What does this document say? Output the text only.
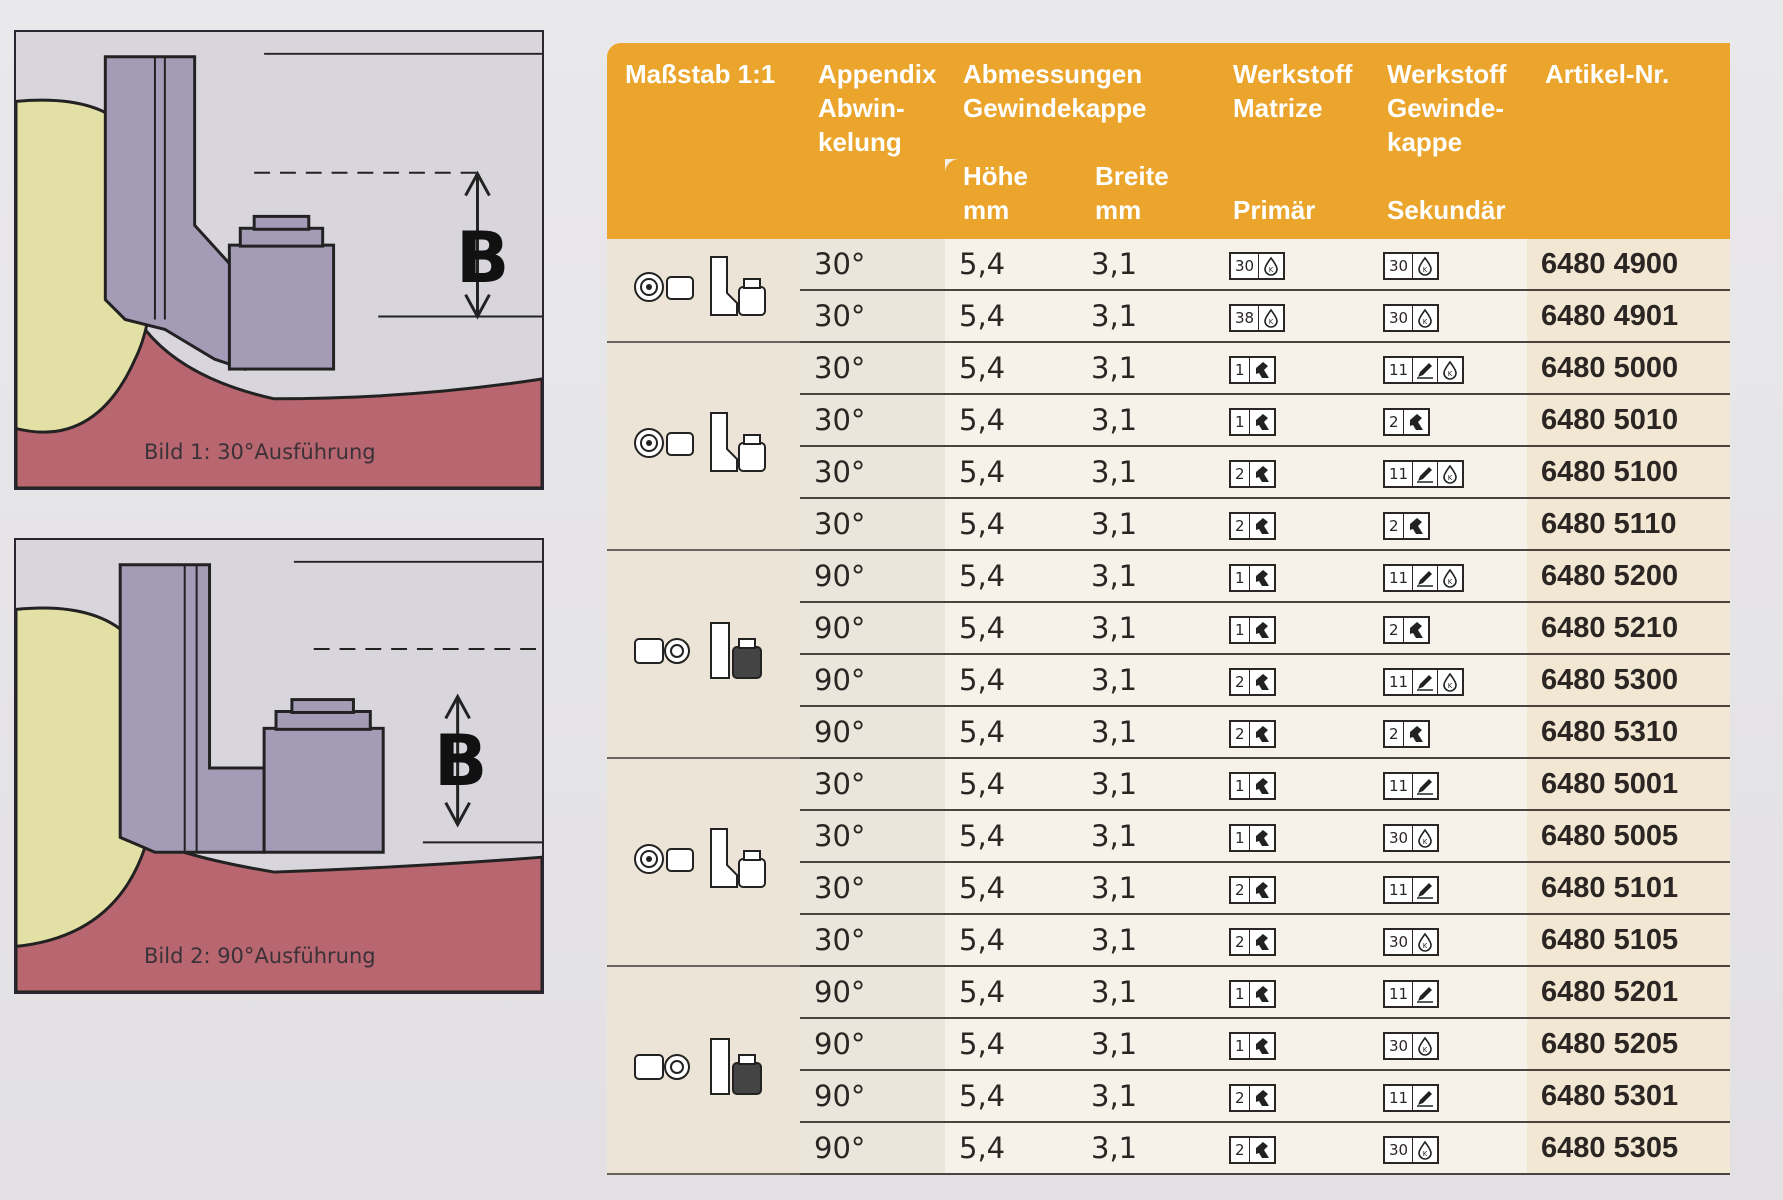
B
Bild 1: 30°Ausführung
B
Bild 2: 90°Ausführung
Maßstab 1:1	Appendix Abwin-kelung	Abmessungen Gewindekappe		Werkstoff Matrize	Werkstoff Gewinde-kappe	Artikel-Nr.
		Höhe mm	Breite mm	Primär	Sekundär	
	30°	5,4	3,1	30 K	30 K	6480 4900
	30°	5,4	3,1	38 K	30 K	6480 4901
	30°	5,4	3,1	1	11 K	6480 5000
	30°	5,4	3,1	1	2	6480 5010
	30°	5,4	3,1	2	11 K	6480 5100
	30°	5,4	3,1	2	2	6480 5110
	90°	5,4	3,1	1	11 K	6480 5200
	90°	5,4	3,1	1	2	6480 5210
	90°	5,4	3,1	2	11 K	6480 5300
	90°	5,4	3,1	2	2	6480 5310
	30°	5,4	3,1	1	11	6480 5001
	30°	5,4	3,1	1	30 K	6480 5005
	30°	5,4	3,1	2	11	6480 5101
	30°	5,4	3,1	2	30 K	6480 5105
	90°	5,4	3,1	1	11	6480 5201
	90°	5,4	3,1	1	30 K	6480 5205
	90°	5,4	3,1	2	11	6480 5301
	90°	5,4	3,1	2	30 K	6480 5305
